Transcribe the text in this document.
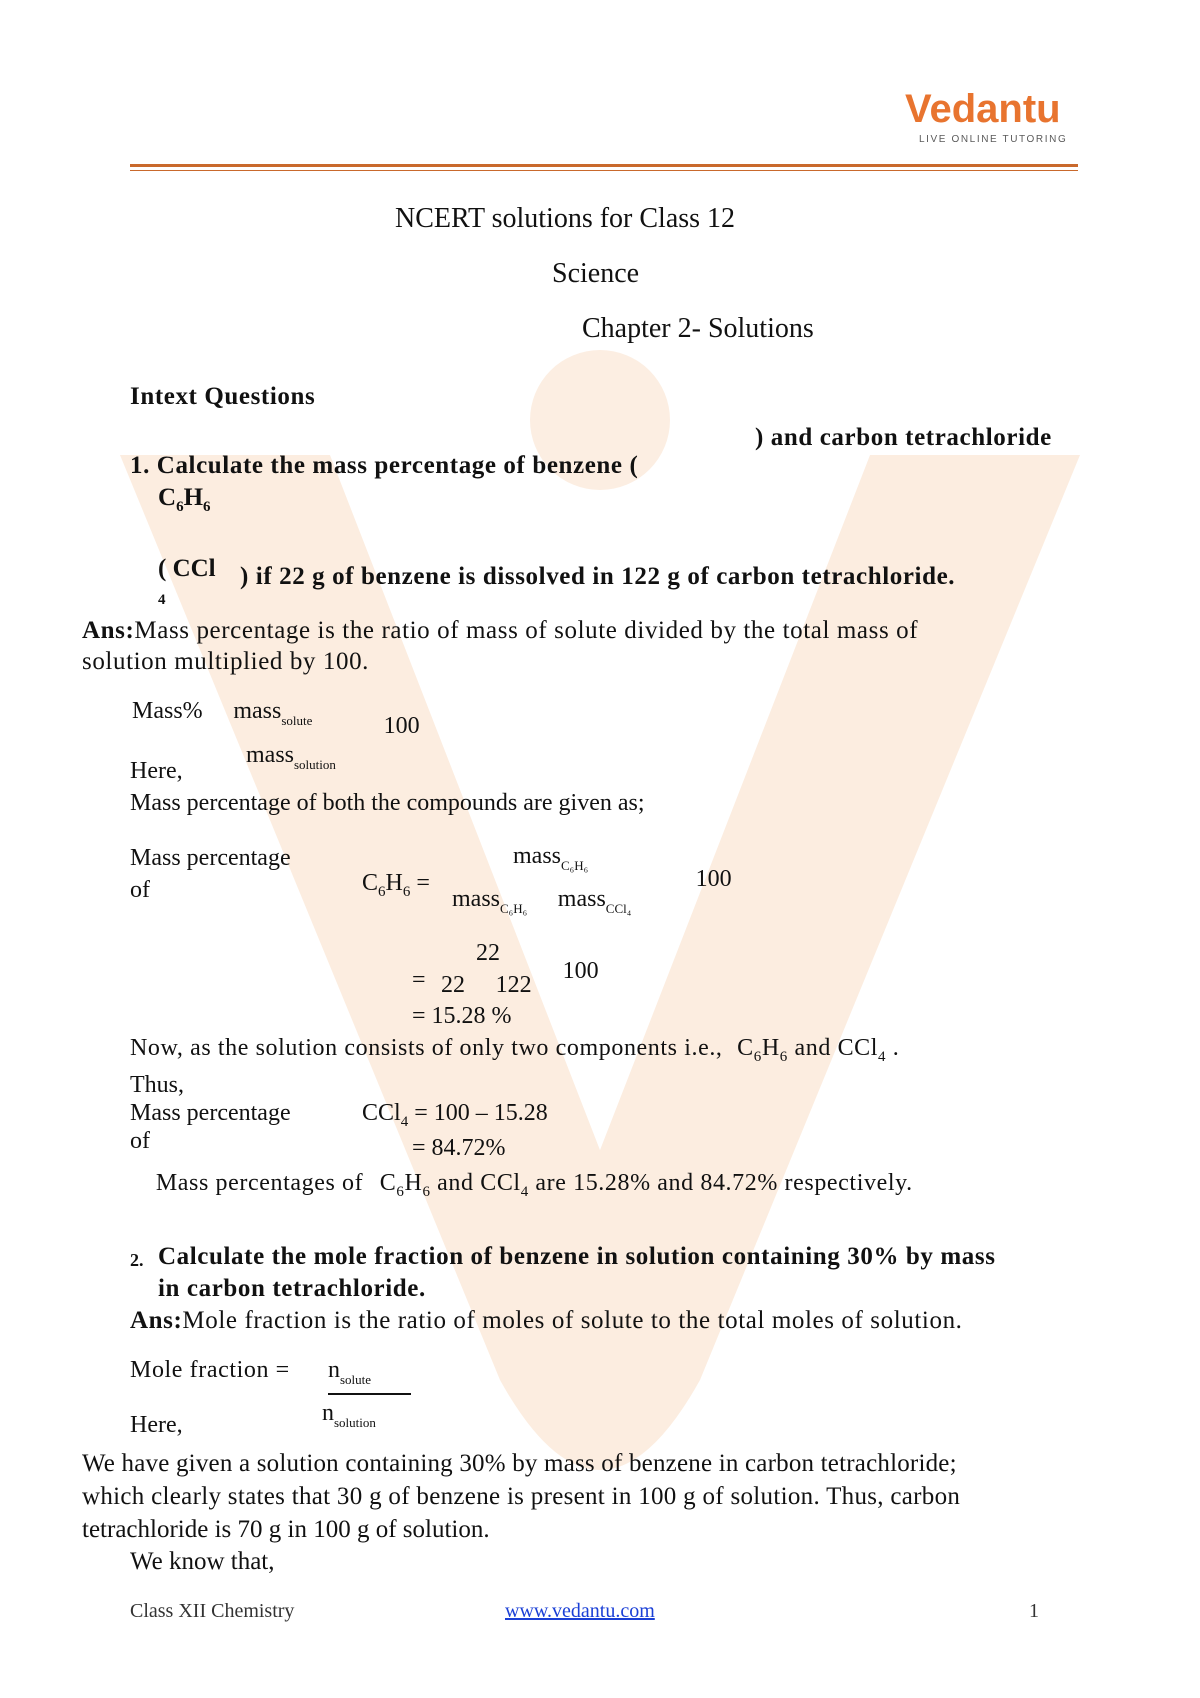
Vedantu
LIVE ONLINE TUTORING
NCERT solutions for Class 12
Science
Chapter 2- Solutions
Intext Questions
) and carbon tetrachloride
1. Calculate the mass percentage of benzene (
$C_6H_6$
( CCl
4
) if 22 g of benzene is dissolved in 122 g of carbon tetrachloride.
Ans:Mass percentage is the ratio of mass of solute divided by the total mass of
solution multiplied by 100.
Mass%   mass$_{solute}$  100
mass$_{solution}$
Here,
Mass percentage of both the compounds are given as;
Mass percentage
of	$C_6H_6$ =
mass$_{C_6H_6}$
mass$_{C_6H_6}$   mass$_{CCl_4}$
 100
22
= 22   122
 100
= 15.28 %
Now, as the solution consists of only two components i.e., $C_6H_6$ and CCl$_4$ .
Thus,
Mass percentage
of
CCl$_4$ = 100 – 15.28
= 84.72%
  Mass percentages of $C_6H_6$ and CCl$_4$ are 15.28% and 84.72% respectively.
2. Calculate the mole fraction of benzene in solution containing 30% by mass
in carbon tetrachloride.
Ans:Mole fraction is the ratio of moles of solute to the total moles of solution.
Mole fraction = $n_{solute}$
$n_{solution}$
Here,
We have given a solution containing 30% by mass of benzene in carbon tetrachloride;
which clearly states that 30 g of benzene is present in 100 g of solution. Thus, carbon
tetrachloride is 70 g in 100 g of solution.
We know that,
Class XII Chemistry	www.vedantu.com	1
